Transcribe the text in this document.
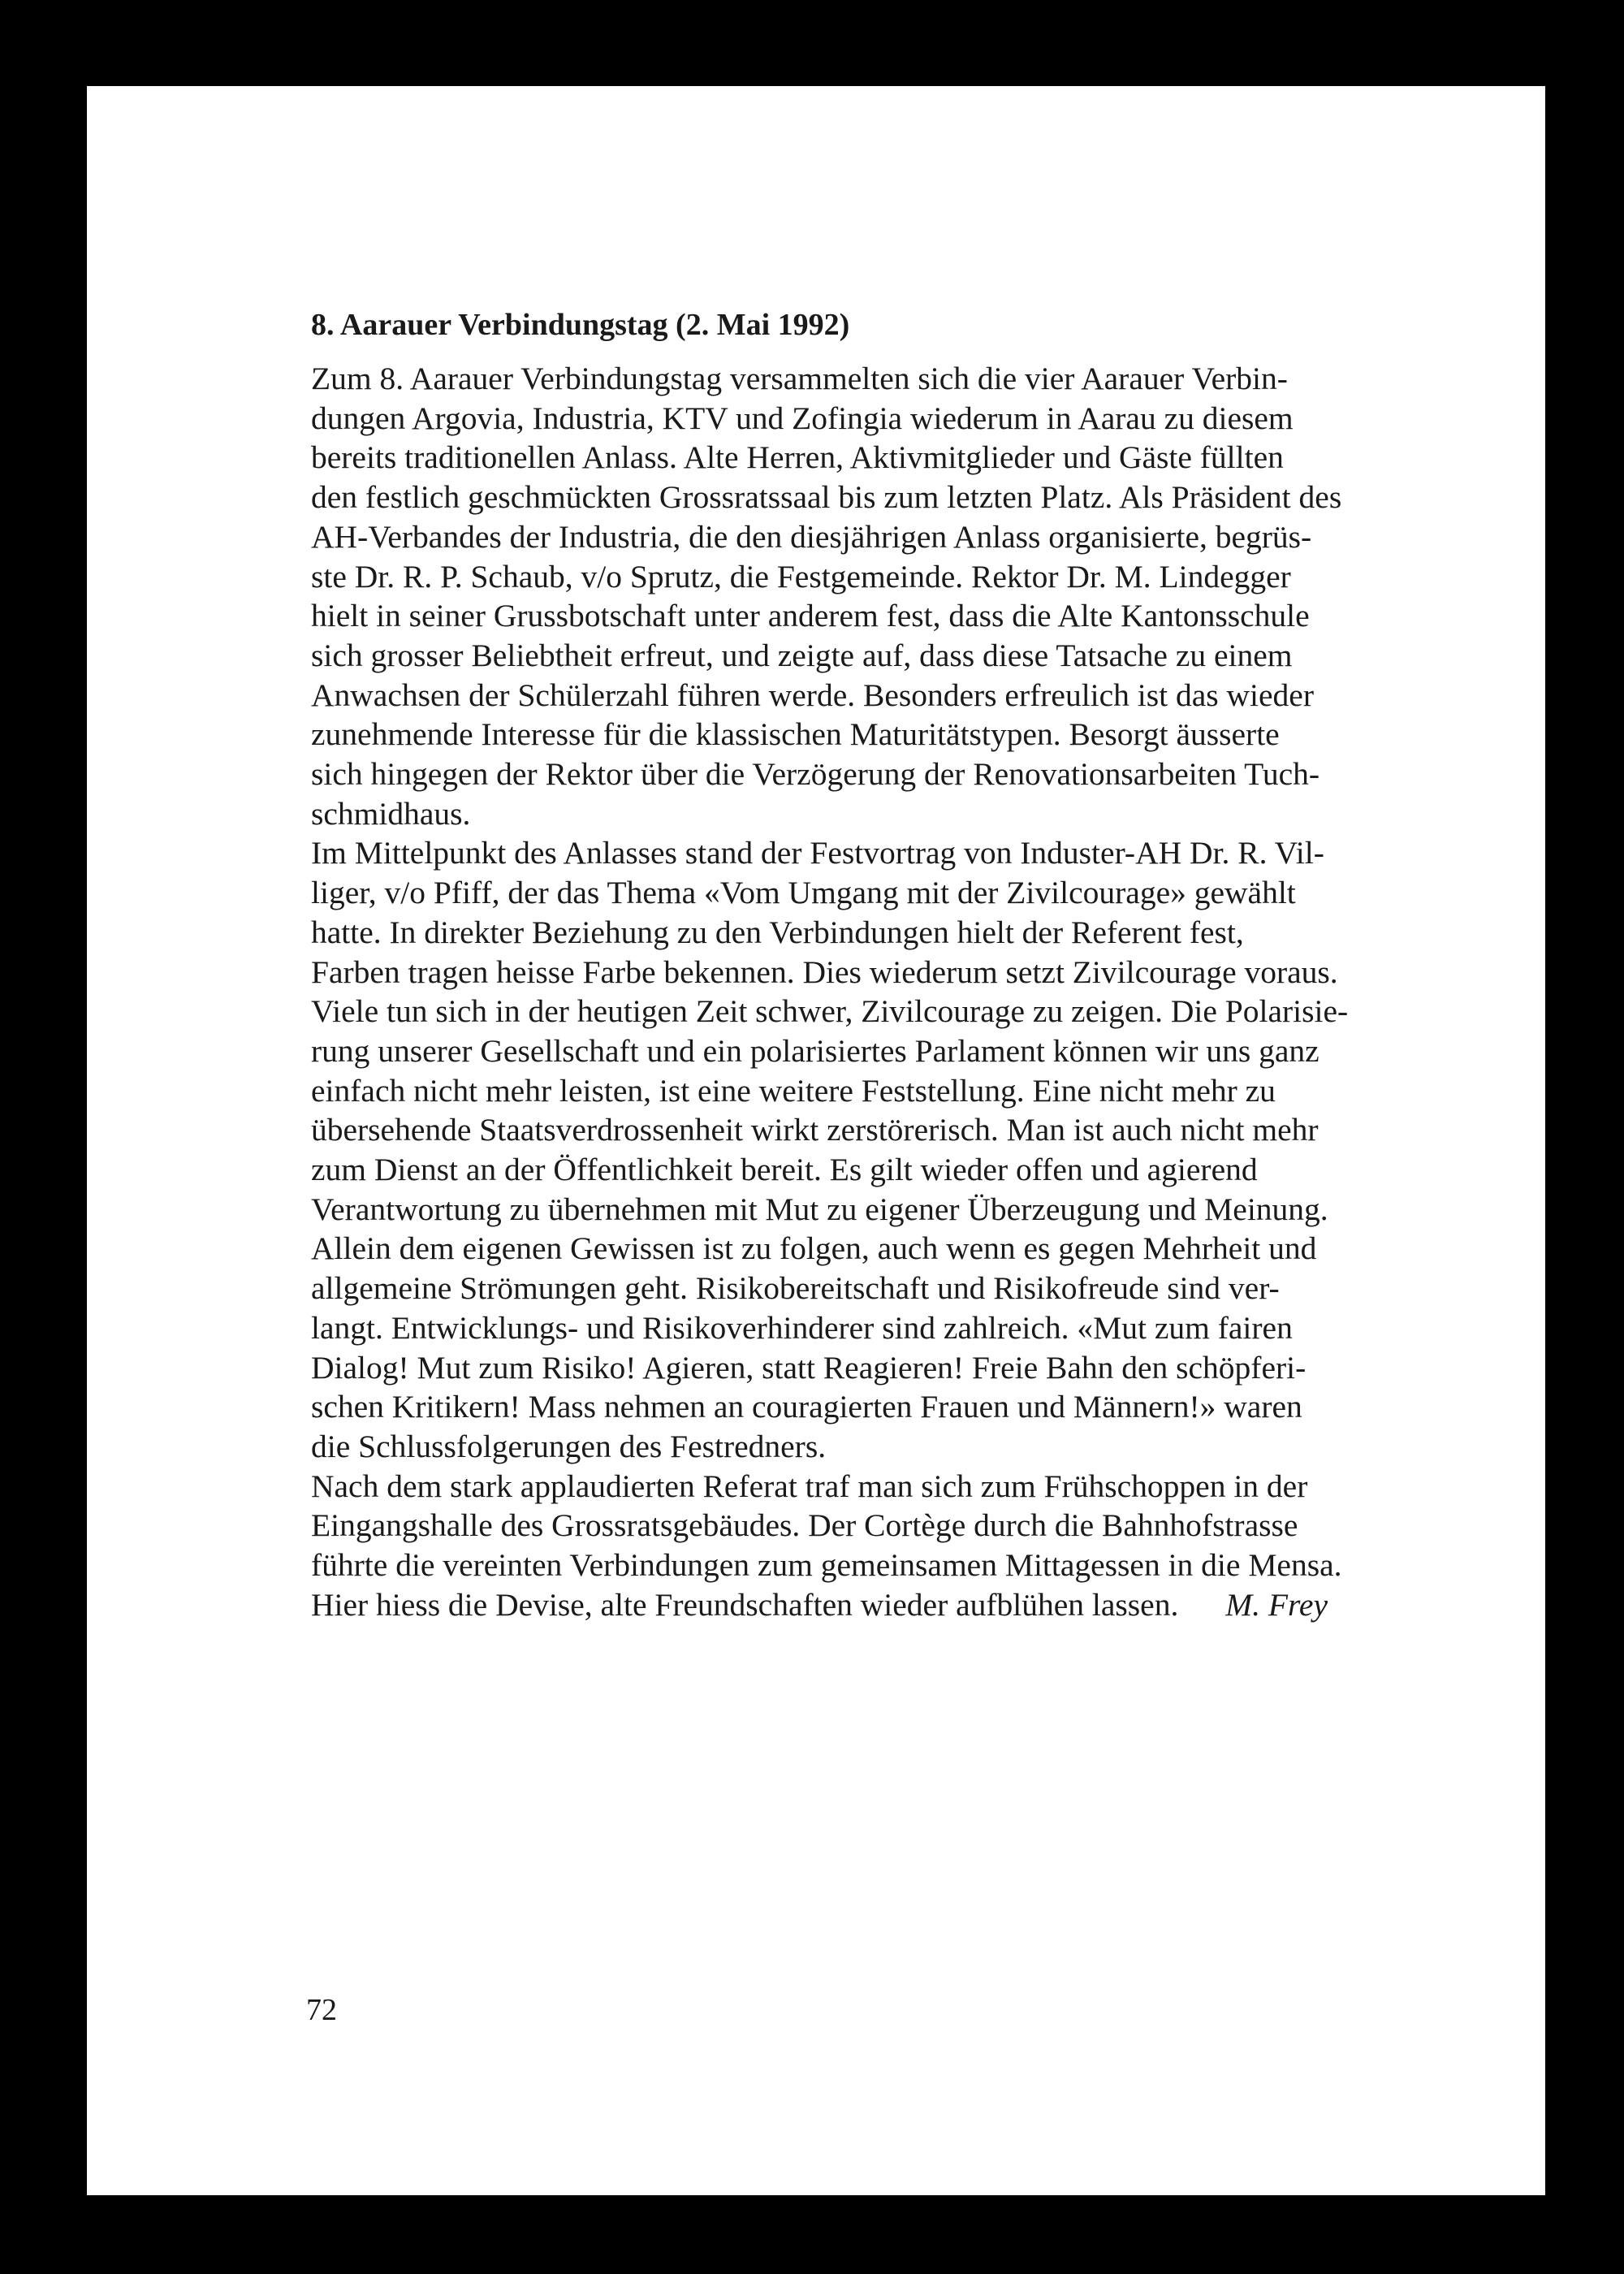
8. Aarauer Verbindungstag (2. Mai 1992)
Zum 8. Aarauer Verbindungstag versammelten sich die vier Aarauer Verbin-
dungen Argovia, Industria, KTV und Zofingia wiederum in Aarau zu diesem
bereits traditionellen Anlass. Alte Herren, Aktivmitglieder und Gäste füllten
den festlich geschmückten Grossratssaal bis zum letzten Platz. Als Präsident des
AH-Verbandes der Industria, die den diesjährigen Anlass organisierte, begrüs-
ste Dr. R. P. Schaub, v/o Sprutz, die Festgemeinde. Rektor Dr. M. Lindegger
hielt in seiner Grussbotschaft unter anderem fest, dass die Alte Kantonsschule
sich grosser Beliebtheit erfreut, und zeigte auf, dass diese Tatsache zu einem
Anwachsen der Schülerzahl führen werde. Besonders erfreulich ist das wieder
zunehmende Interesse für die klassischen Maturitätstypen. Besorgt äusserte
sich hingegen der Rektor über die Verzögerung der Renovationsarbeiten Tuch-
schmidhaus.
Im Mittelpunkt des Anlasses stand der Festvortrag von Induster-AH Dr. R. Vil-
liger, v/o Pfiff, der das Thema «Vom Umgang mit der Zivilcourage» gewählt
hatte. In direkter Beziehung zu den Verbindungen hielt der Referent fest,
Farben tragen heisse Farbe bekennen. Dies wiederum setzt Zivilcourage voraus.
Viele tun sich in der heutigen Zeit schwer, Zivilcourage zu zeigen. Die Polarisie-
rung unserer Gesellschaft und ein polarisiertes Parlament können wir uns ganz
einfach nicht mehr leisten, ist eine weitere Feststellung. Eine nicht mehr zu
übersehende Staatsverdrossenheit wirkt zerstörerisch. Man ist auch nicht mehr
zum Dienst an der Öffentlichkeit bereit. Es gilt wieder offen und agierend
Verantwortung zu übernehmen mit Mut zu eigener Überzeugung und Meinung.
Allein dem eigenen Gewissen ist zu folgen, auch wenn es gegen Mehrheit und
allgemeine Strömungen geht. Risikobereitschaft und Risikofreude sind ver-
langt. Entwicklungs- und Risikoverhinderer sind zahlreich. «Mut zum fairen
Dialog! Mut zum Risiko! Agieren, statt Reagieren! Freie Bahn den schöpferi-
schen Kritikern! Mass nehmen an couragierten Frauen und Männern!» waren
die Schlussfolgerungen des Festredners.
Nach dem stark applaudierten Referat traf man sich zum Frühschoppen in der
Eingangshalle des Grossratsgebäudes. Der Cortège durch die Bahnhofstrasse
führte die vereinten Verbindungen zum gemeinsamen Mittagessen in die Mensa.
Hier hiess die Devise, alte Freundschaften wieder aufblühen lassen. M. Frey
72
